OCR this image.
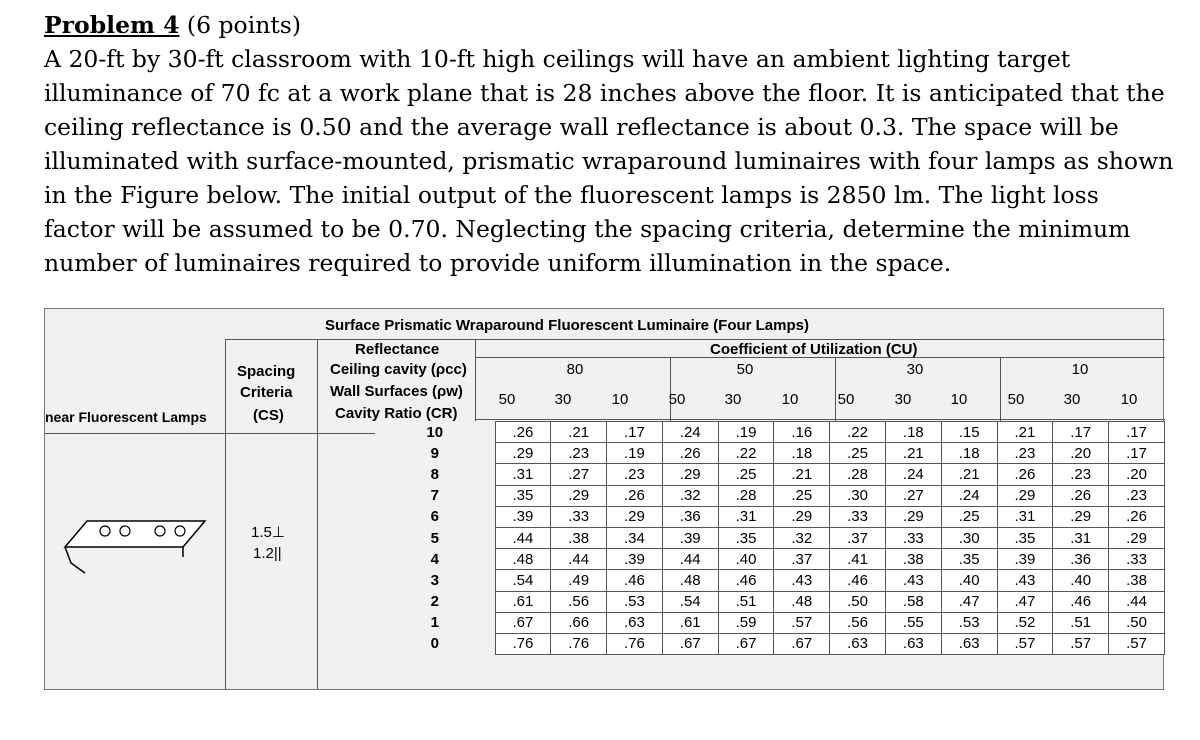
Problem 4 (6 points)
A 20-ft by 30-ft classroom with 10-ft high ceilings will have an ambient lighting target illuminance of 70 fc at a work plane that is 28 inches above the floor. It is anticipated that the ceiling reflectance is 0.50 and the average wall reflectance is about 0.3. The space will be illuminated with surface-mounted, prismatic wraparound luminaires with four lamps as shown in the Figure below. The initial output of the fluorescent lamps is 2850 lm. The light loss factor will be assumed to be 0.70. Neglecting the spacing criteria, determine the minimum number of luminaires required to provide uniform illumination in the space.
Surface Prismatic Wraparound Fluorescent Luminaire (Four Lamps)
Reflectance	Coefficient of Utilization (CU)
Spacing
Criteria
(CS)
Ceiling cavity (ρcc)
Wall Surfaces (ρw)
Cavity Ratio (CR)
near Fluorescent Lamps
80	50	30	10
50	30	10	50	30	10	50	30	10	50	30	10
1.5⊥
1.2||
10	.26	.21	.17	.24	.19	.16	.22	.18	.15	.21	.17	.17
9	.29	.23	.19	.26	.22	.18	.25	.21	.18	.23	.20	.17
8	.31	.27	.23	.29	.25	.21	.28	.24	.21	.26	.23	.20
7	.35	.29	.26	.32	.28	.25	.30	.27	.24	.29	.26	.23
6	.39	.33	.29	.36	.31	.29	.33	.29	.25	.31	.29	.26
5	.44	.38	.34	.39	.35	.32	.37	.33	.30	.35	.31	.29
4	.48	.44	.39	.44	.40	.37	.41	.38	.35	.39	.36	.33
3	.54	.49	.46	.48	.46	.43	.46	.43	.40	.43	.40	.38
2	.61	.56	.53	.54	.51	.48	.50	.58	.47	.47	.46	.44
1	.67	.66	.63	.61	.59	.57	.56	.55	.53	.52	.51	.50
0	.76	.76	.76	.67	.67	.67	.63	.63	.63	.57	.57	.57
